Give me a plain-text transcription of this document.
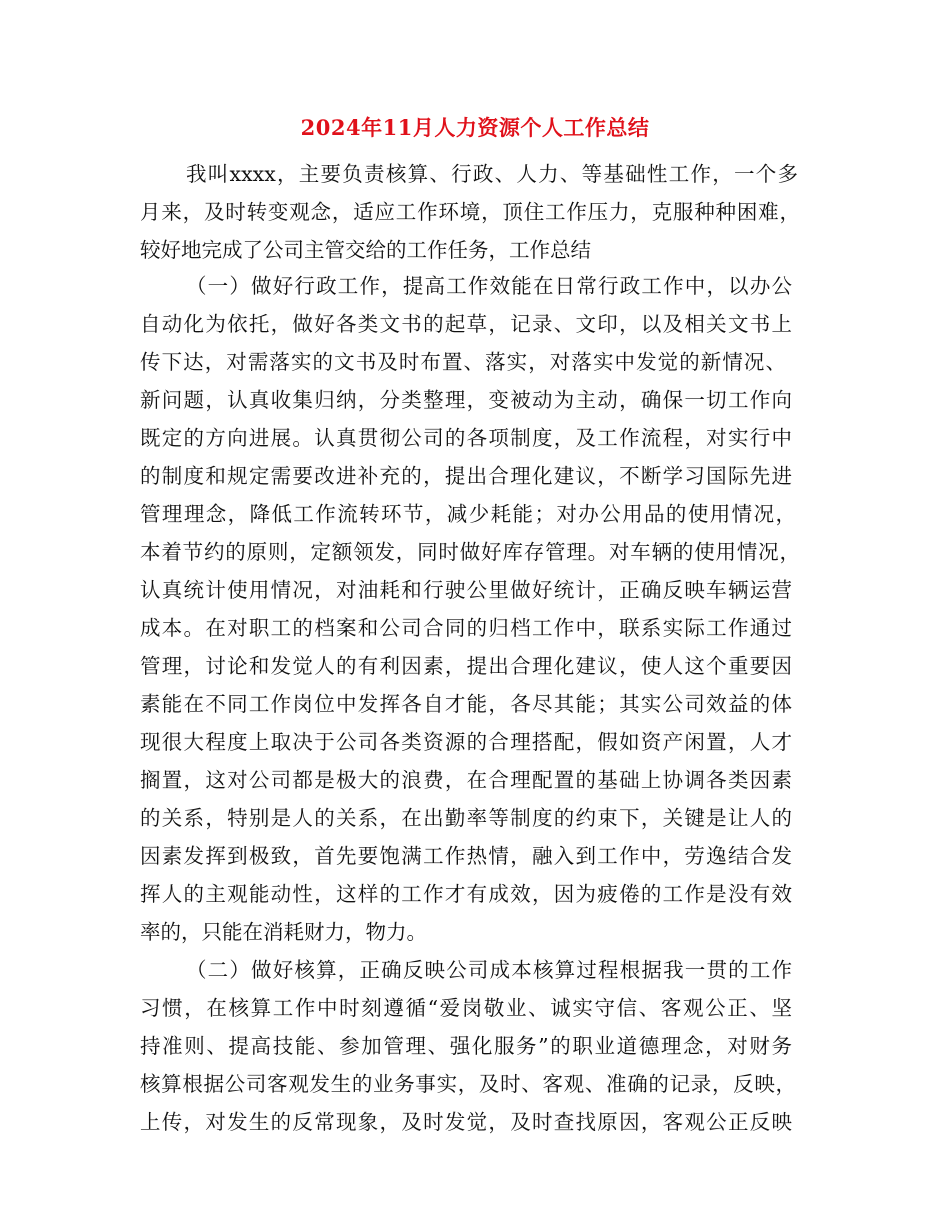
2024年11月人力资源个人工作总结
我叫xxxx，主要负责核算、行政、人力、等基础性工作，一个多
月来，及时转变观念，适应工作环境，顶住工作压力，克服种种困难，
较好地完成了公司主管交给的工作任务，工作总结
（一）做好行政工作，提高工作效能在日常行政工作中，以办公
自动化为依托，做好各类文书的起草，记录、文印，以及相关文书上
传下达，对需落实的文书及时布置、落实，对落实中发觉的新情况、
新问题，认真收集归纳，分类整理，变被动为主动，确保一切工作向
既定的方向进展。认真贯彻公司的各项制度，及工作流程，对实行中
的制度和规定需要改进补充的，提出合理化建议，不断学习国际先进
管理理念，降低工作流转环节，减少耗能；对办公用品的使用情况，
本着节约的原则，定额领发，同时做好库存管理。对车辆的使用情况，
认真统计使用情况，对油耗和行驶公里做好统计，正确反映车辆运营
成本。在对职工的档案和公司合同的归档工作中，联系实际工作通过
管理，讨论和发觉人的有利因素，提出合理化建议，使人这个重要因
素能在不同工作岗位中发挥各自才能，各尽其能；其实公司效益的体
现很大程度上取决于公司各类资源的合理搭配，假如资产闲置，人才
搁置，这对公司都是极大的浪费，在合理配置的基础上协调各类因素
的关系，特别是人的关系，在出勤率等制度的约束下，关键是让人的
因素发挥到极致，首先要饱满工作热情，融入到工作中，劳逸结合发
挥人的主观能动性，这样的工作才有成效，因为疲倦的工作是没有效
率的，只能在消耗财力，物力。
（二）做好核算，正确反映公司成本核算过程根据我一贯的工作
习惯，在核算工作中时刻遵循“爱岗敬业、诚实守信、客观公正、坚
持准则、提高技能、参加管理、强化服务”的职业道德理念，对财务
核算根据公司客观发生的业务事实，及时、客观、准确的记录，反映，
上传，对发生的反常现象，及时发觉，及时查找原因，客观公正反映
